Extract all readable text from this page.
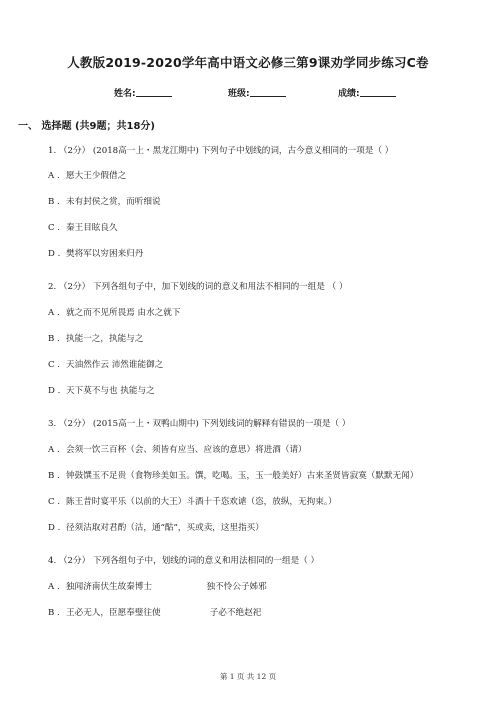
人教版2019-2020学年高中语文必修三第9课劝学同步练习C卷
姓名:	班级:	成绩:
一、 选择题 (共9题；共18分)
1. （2分） (2018高一上・黑龙江期中) 下列句子中划线的词，古今意义相同的一项是（ ）
A . 愿大王少假借之
B . 未有封侯之赏，而听细说
C . 秦王目眩良久
D . 樊将军以穷困来归丹
2. （2分） 下列各组句子中，加下划线的词的意义和用法不相同的一组是 （ ）
A . 就之而不见所畏焉 由水之就下
B . 执能一之，执能与之
C . 天油然作云 沛然谁能御之
D . 天下莫不与也 执能与之
3. （2分） (2015高一上・双鸭山期中) 下列划线词的解释有错误的一项是（ ）
A . 会须一饮三百杯（会、须皆有应当、应该的意思）将进酒（请）
B . 钟鼓馔玉不足贵（食物珍美如玉。馔，吃喝。玉，玉一般美好）古来圣贤皆寂寞（默默无闻）
C . 陈王昔时宴平乐（以前的大王）斗酒十千恣欢谑（恣，放纵，无拘束。）
D . 径须沽取对君酌（沽，通“酤”，买或卖，这里指买）
4. （2分） 下列各组句子中，划线的词的意义和用法相同的一组是（ ）
A . 独闻济南伏生故秦博士                    独不怜公子姊邪
B . 王必无人，臣愿奉璧往使                  子必不绝赵祀
第 1 页 共 12 页
